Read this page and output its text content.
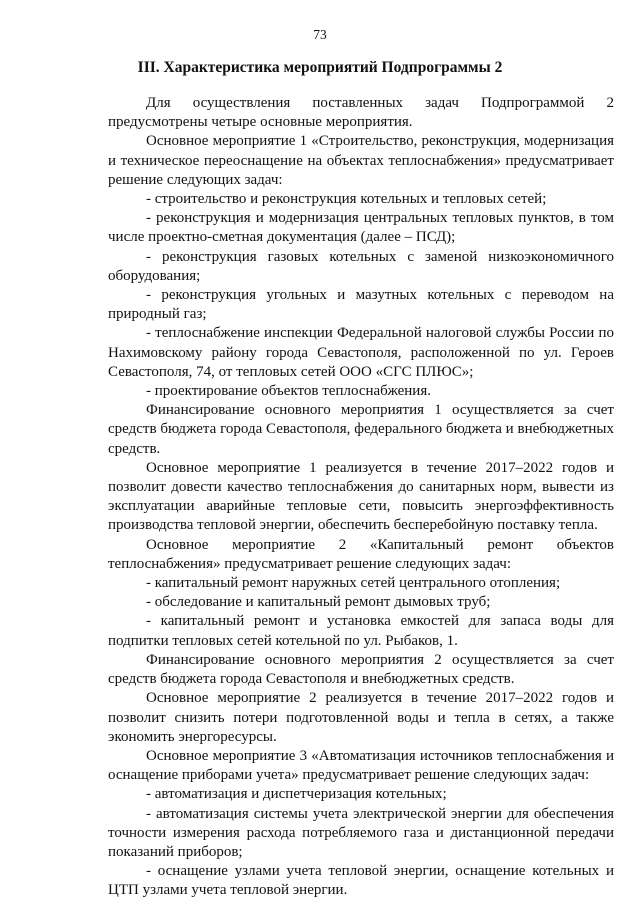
73
III. Характеристика мероприятий Подпрограммы 2

Для осуществления поставленных задач Подпрограммой 2 предусмотрены четыре основные мероприятия.

Основное мероприятие 1 «Строительство, реконструкция, модернизация и техническое переоснащение на объектах теплоснабжения» предусматривает решение следующих задач:

- строительство и реконструкция котельных и тепловых сетей;

- реконструкция и модернизация центральных тепловых пунктов, в том числе проектно-сметная документация (далее – ПСД);

- реконструкция газовых котельных с заменой низкоэкономичного оборудования;

- реконструкция угольных и мазутных котельных с переводом на природный газ;

- теплоснабжение инспекции Федеральной налоговой службы России по Нахимовскому району города Севастополя, расположенной по ул. Героев Севастополя, 74, от тепловых сетей ООО «СГС ПЛЮС»;

- проектирование объектов теплоснабжения.

Финансирование основного мероприятия 1 осуществляется за счет средств бюджета города Севастополя, федерального бюджета и внебюджетных средств.

Основное мероприятие 1 реализуется в течение 2017–2022 годов и позволит довести качество теплоснабжения до санитарных норм, вывести из эксплуатации аварийные тепловые сети, повысить энергоэффективность производства тепловой энергии, обеспечить бесперебойную поставку тепла.

Основное мероприятие 2 «Капитальный ремонт объектов теплоснабжения» предусматривает решение следующих задач:

- капитальный ремонт наружных сетей центрального отопления;

- обследование и капитальный ремонт дымовых труб;

- капитальный ремонт и установка емкостей для запаса воды для подпитки тепловых сетей котельной по ул. Рыбаков, 1.

Финансирование основного мероприятия 2 осуществляется за счет средств бюджета города Севастополя и внебюджетных средств.

Основное мероприятие 2 реализуется в течение 2017–2022 годов и позволит снизить потери подготовленной воды и тепла в сетях, а также экономить энергоресурсы.

Основное мероприятие 3 «Автоматизация источников теплоснабжения и оснащение приборами учета» предусматривает решение следующих задач:

- автоматизация и диспетчеризация котельных;

- автоматизация системы учета электрической энергии для обеспечения точности измерения расхода потребляемого газа и дистанционной передачи показаний приборов;

- оснащение узлами учета тепловой энергии, оснащение котельных и ЦТП узлами учета тепловой энергии.
